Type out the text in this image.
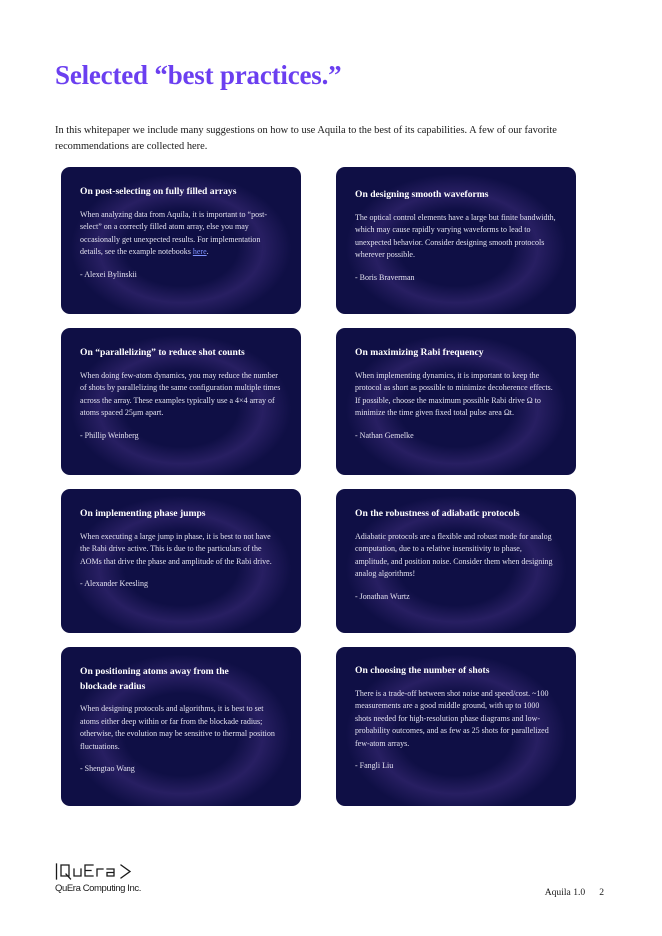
Selected “best practices.”

In this whitepaper we include many suggestions on how to use Aquila to the best of its capabilities. A few of our favorite recommendations are collected here.

On post-selecting on fully filled arrays

When analyzing data from Aquila, it is important to “post-select” on a correctly filled atom array, else you may occasionally get unexpected results. For implementation details, see the example notebooks here.

- Alexei Bylinskii

On designing smooth waveforms

The optical control elements have a large but finite bandwidth, which may cause rapidly varying waveforms to lead to unexpected behavior. Consider designing smooth protocols wherever possible.

- Boris Braverman

On “parallelizing” to reduce shot counts

When doing few-atom dynamics, you may reduce the number of shots by parallelizing the same configuration multiple times across the array. These examples typically use a 4×4 array of atoms spaced 25μm apart.

- Phillip Weinberg

On maximizing Rabi frequency

When implementing dynamics, it is important to keep the protocol as short as possible to minimize decoherence effects. If possible, choose the maximum possible Rabi drive Ω to minimize the time given fixed total pulse area Ωt.

- Nathan Gemelke

On implementing phase jumps

When executing a large jump in phase, it is best to not have the Rabi drive active. This is due to the particulars of the AOMs that drive the phase and amplitude of the Rabi drive.

- Alexander Keesling

On the robustness of adiabatic protocols

Adiabatic protocols are a flexible and robust mode for analog computation, due to a relative insensitivity to phase, amplitude, and position noise. Consider them when designing analog algorithms!

- Jonathan Wurtz

On positioning atoms away from the blockade radius

When designing protocols and algorithms, it is best to set atoms either deep within or far from the blockade radius; otherwise, the evolution may be sensitive to thermal position fluctuations.

- Shengtao Wang

On choosing the number of shots

There is a trade-off between shot noise and speed/cost. ~100 measurements are a good middle ground, with up to 1000 shots needed for high-resolution phase diagrams and low-probability outcomes, and as few as 25 shots for parallelized few-atom arrays.

- Fangli Liu

QuEra Computing Inc.	Aquila 1.0 2
